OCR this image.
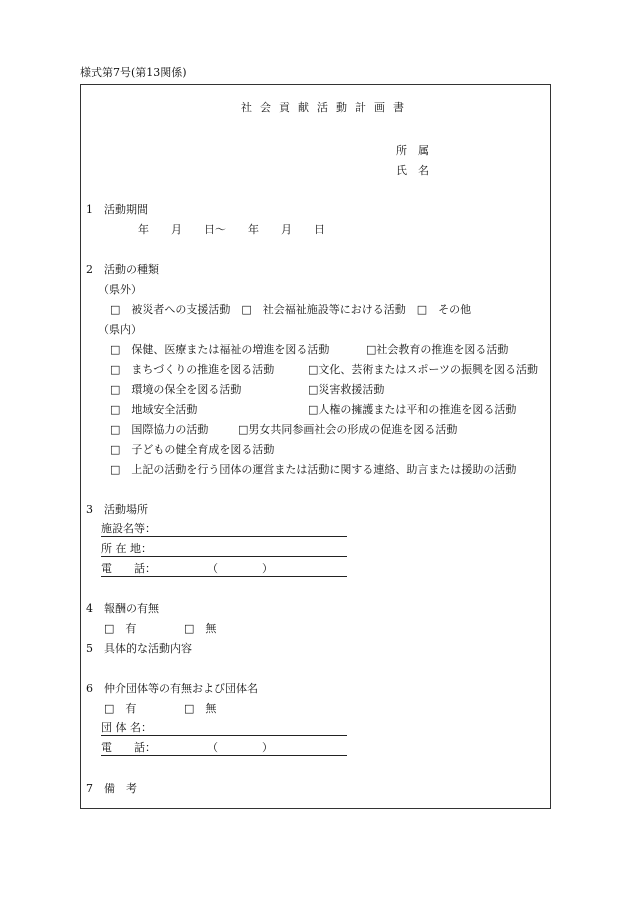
様式第7号(第13関係)
社会貢献活動計画書
所　属
氏　名
1　活動期間
年　　月　　日～　　年　　月　　日
2　活動の種類
（県外）
□　被災者への支援活動　□　社会福祉施設等における活動　□　その他
（県内）
□　保健、医療または福祉の増進を図る活動	□社会教育の推進を図る活動
□　まちづくりの推進を図る活動	□文化、芸術またはスポーツの振興を図る活動
□　環境の保全を図る活動	□災害救援活動
□　地域安全活動	□人権の擁護または平和の推進を図る活動
□　国際協力の活動	□男女共同参画社会の形成の促進を図る活動
□　子どもの健全育成を図る活動
□　上記の活動を行う団体の運営または活動に関する連絡、助言または援助の活動
3　活動場所
施設名等：
所 在 地：
電　　話：	（　　　　）
4　報酬の有無
□　有	□　無
5　具体的な活動内容
6　仲介団体等の有無および団体名
□　有	□　無
団 体 名：
電　　話：	（　　　　）
7　備　考
